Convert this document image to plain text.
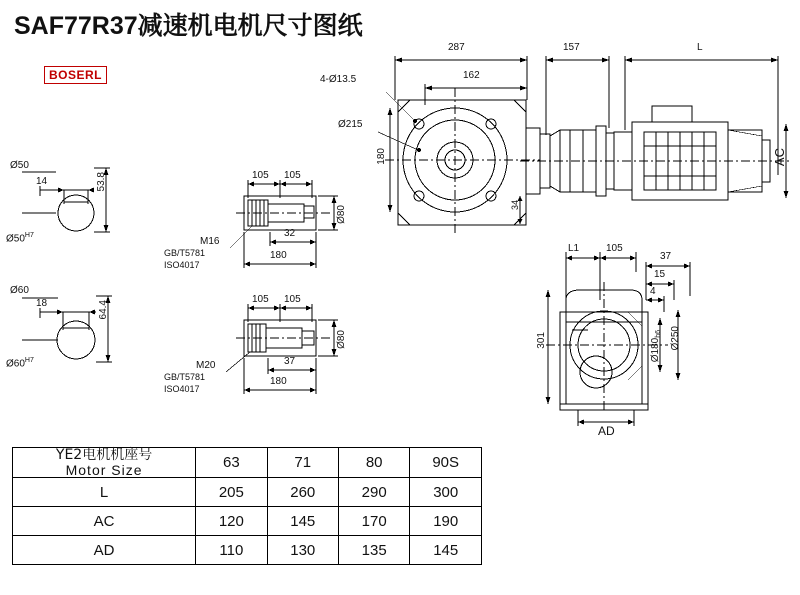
SAF77R37减速机电机尺寸图纸
BOSERL
287
162
157	L
4-Ø13.5
Ø215
180
34
AC
Ø50
14	53.8
$Ø50^{H7}$
Ø60
18	64.4
$Ø60^{H7}$
105 105
32
180
Ø80
M16
GB/T5781
ISO4017
105 105
37
180
Ø80
M20
GB/T5781
ISO4017
L1	105
37
15
4
301	$Ø180_{h6}$ Ø250
AD
YE2电机机座号
Motor Size	63	71	80	90S
L	205	260	290	300
AC	120	145	170	190
AD	110	130	135	145
